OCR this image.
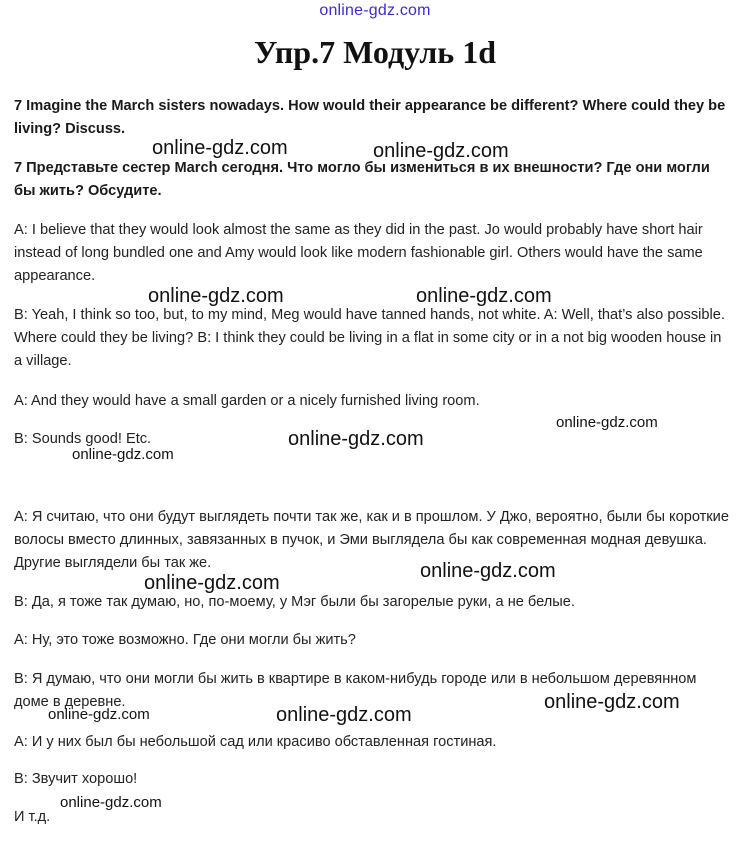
online-gdz.com
Упр.7 Модуль 1d
7 Imagine the March sisters nowadays. How would their appearance be different? Where could they be living? Discuss.
7 Представьте сестер March сегодня. Что могло бы измениться в их внешности? Где они могли бы жить? Обсудите.
A: I believe that they would look almost the same as they did in the past. Jo would probably have short hair instead of long bundled one and Amy would look like modern fashionable girl. Others would have the same appearance.
B: Yeah, I think so too, but, to my mind, Meg would have tanned hands, not white. A: Well, that’s also possible. Where could they be living? B: I think they could be living in a flat in some city or in a not big wooden house in a village.
A: And they would have a small garden or a nicely furnished living room.
B: Sounds good! Etc.
A: Я считаю, что они будут выглядеть почти так же, как и в прошлом. У Джо, вероятно, были бы короткие волосы вместо длинных, завязанных в пучок, и Эми выглядела бы как современная модная девушка. Другие выглядели бы так же.
B: Да, я тоже так думаю, но, по-моему, у Мэг были бы загорелые руки, а не белые.
A: Ну, это тоже возможно. Где они могли бы жить?
B: Я думаю, что они могли бы жить в квартире в каком-нибудь городе или в небольшом деревянном доме в деревне.
A: И у них был бы небольшой сад или красиво обставленная гостиная.
B: Звучит хорошо!
И т.д.
online-gdz.com	online-gdz.com
online-gdz.com	online-gdz.com
online-gdz.com
online-gdz.com
online-gdz.com
online-gdz.com
online-gdz.com
online-gdz.com
online-gdz.com
online-gdz.com
online-gdz.com
